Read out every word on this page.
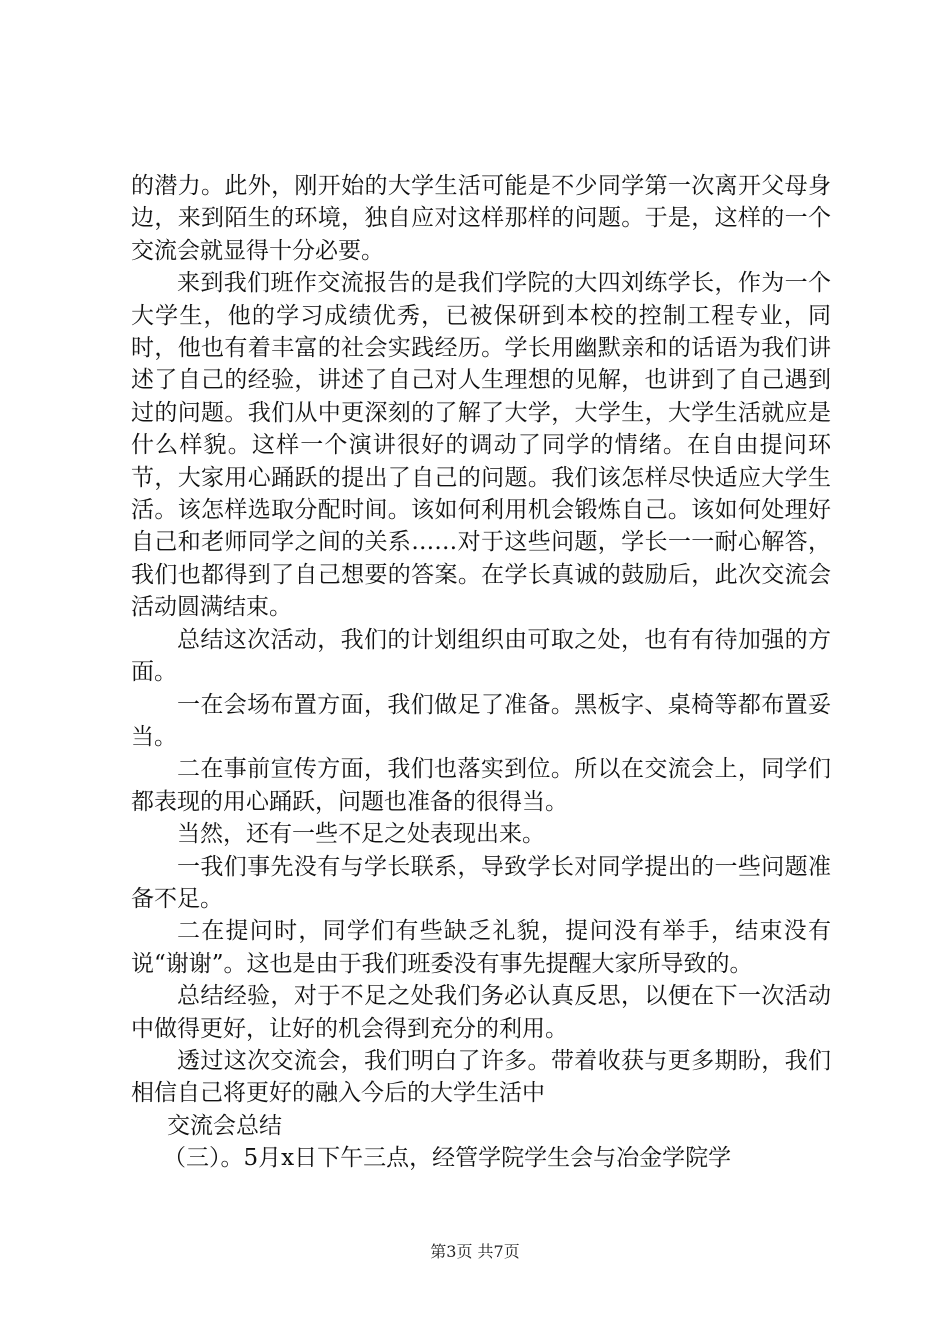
的潜力。此外，刚开始的大学生活可能是不少同学第一次离开父母身边，来到陌生的环境，独自应对这样那样的问题。于是，这样的一个交流会就显得十分必要。

来到我们班作交流报告的是我们学院的大四刘练学长，作为一个大学生，他的学习成绩优秀，已被保研到本校的控制工程专业，同时，他也有着丰富的社会实践经历。学长用幽默亲和的话语为我们讲述了自己的经验，讲述了自己对人生理想的见解，也讲到了自己遇到过的问题。我们从中更深刻的了解了大学，大学生，大学生活就应是什么样貌。这样一个演讲很好的调动了同学的情绪。在自由提问环节，大家用心踊跃的提出了自己的问题。我们该怎样尽快适应大学生活。该怎样选取分配时间。该如何利用机会锻炼自己。该如何处理好自己和老师同学之间的关系……对于这些问题，学长一一耐心解答，我们也都得到了自己想要的答案。在学长真诚的鼓励后，此次交流会活动圆满结束。

总结这次活动，我们的计划组织由可取之处，也有有待加强的方面。

一在会场布置方面，我们做足了准备。黑板字、桌椅等都布置妥当。

二在事前宣传方面，我们也落实到位。所以在交流会上，同学们都表现的用心踊跃，问题也准备的很得当。

当然，还有一些不足之处表现出来。

一我们事先没有与学长联系，导致学长对同学提出的一些问题准备不足。

二在提问时，同学们有些缺乏礼貌，提问没有举手，结束没有说“谢谢”。这也是由于我们班委没有事先提醒大家所导致的。

总结经验，对于不足之处我们务必认真反思，以便在下一次活动中做得更好，让好的机会得到充分的利用。

透过这次交流会，我们明白了许多。带着收获与更多期盼，我们相信自己将更好的融入今后的大学生活中

交流会总结

（三）。5月x日下午三点，经管学院学生会与冶金学院学

第3页 共7页
